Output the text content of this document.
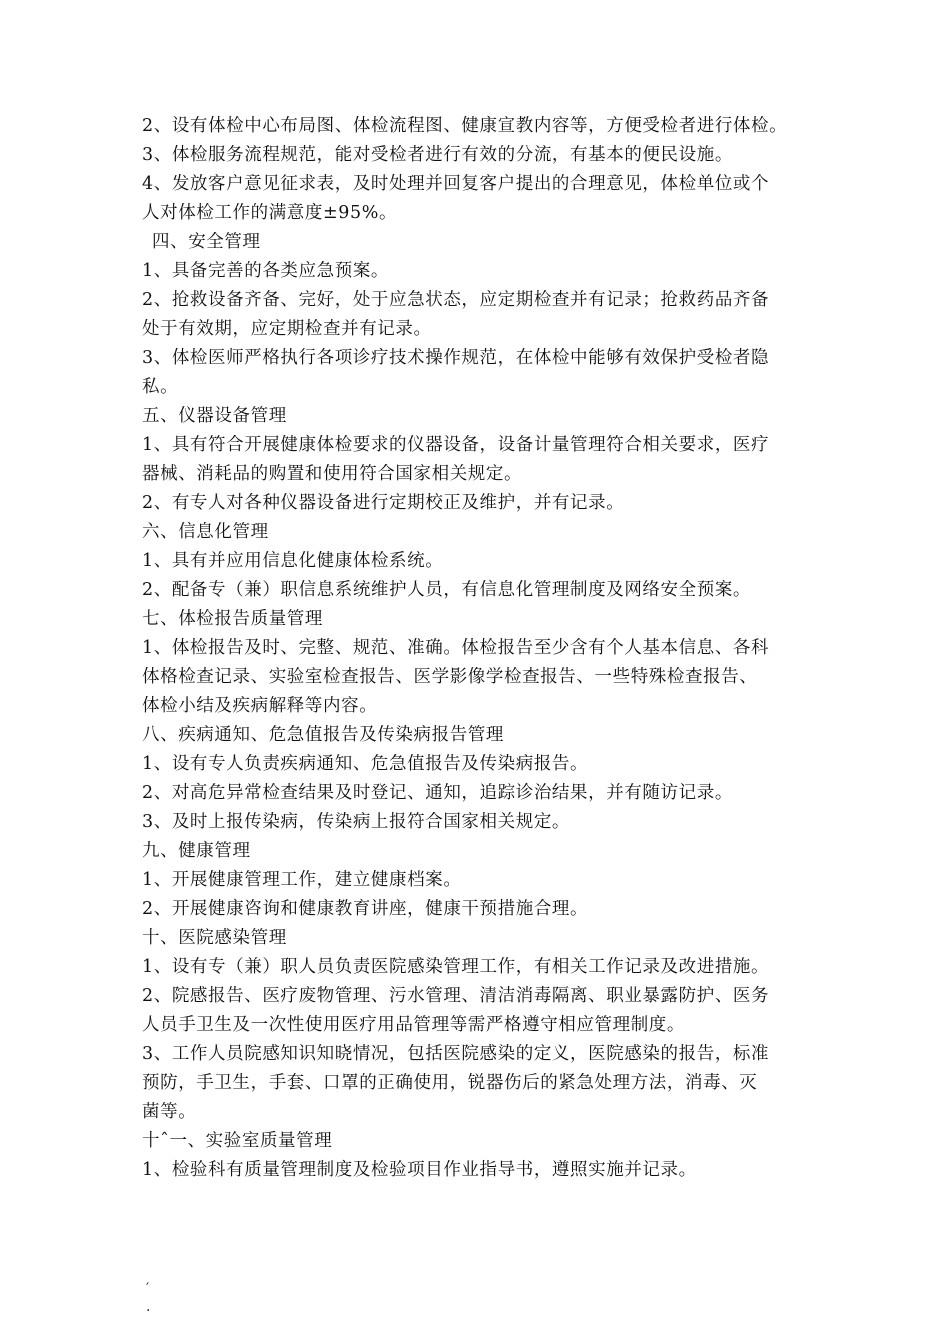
2、设有体检中心布局图、体检流程图、健康宣教内容等，方便受检者进行体检。
3、体检服务流程规范，能对受检者进行有效的分流，有基本的便民设施。
4、发放客户意见征求表，及时处理并回复客户提出的合理意见，体检单位或个
人对体检工作的满意度±95%。
四、安全管理
1、具备完善的各类应急预案。
2、抢救设备齐备、完好，处于应急状态，应定期检查并有记录；抢救药品齐备
处于有效期，应定期检查并有记录。
3、体检医师严格执行各项诊疗技术操作规范，在体检中能够有效保护受检者隐
私。
五、仪器设备管理
1、具有符合开展健康体检要求的仪器设备，设备计量管理符合相关要求，医疗
器械、消耗品的购置和使用符合国家相关规定。
2、有专人对各种仪器设备进行定期校正及维护，并有记录。
六、信息化管理
1、具有并应用信息化健康体检系统。
2、配备专（兼）职信息系统维护人员，有信息化管理制度及网络安全预案。
七、体检报告质量管理
1、体检报告及时、完整、规范、准确。体检报告至少含有个人基本信息、各科
体格检查记录、实验室检查报告、医学影像学检查报告、一些特殊检查报告、
体检小结及疾病解释等内容。
八、疾病通知、危急值报告及传染病报告管理
1、设有专人负责疾病通知、危急值报告及传染病报告。
2、对高危异常检查结果及时登记、通知，追踪诊治结果，并有随访记录。
3、及时上报传染病，传染病上报符合国家相关规定。
九、健康管理
1、开展健康管理工作，建立健康档案。
2、开展健康咨询和健康教育讲座，健康干预措施合理。
十、医院感染管理
1、设有专（兼）职人员负责医院感染管理工作，有相关工作记录及改进措施。
2、院感报告、医疗废物管理、污水管理、清洁消毒隔离、职业暴露防护、医务
人员手卫生及一次性使用医疗用品管理等需严格遵守相应管理制度。
3、工作人员院感知识知晓情况，包括医院感染的定义，医院感染的报告，标准
预防，手卫生，手套、口罩的正确使用，锐器伤后的紧急处理方法，消毒、灭
菌等。
十ˆ一、实验室质量管理
1、检验科有质量管理制度及检验项目作业指导书，遵照实施并记录。
′
.
